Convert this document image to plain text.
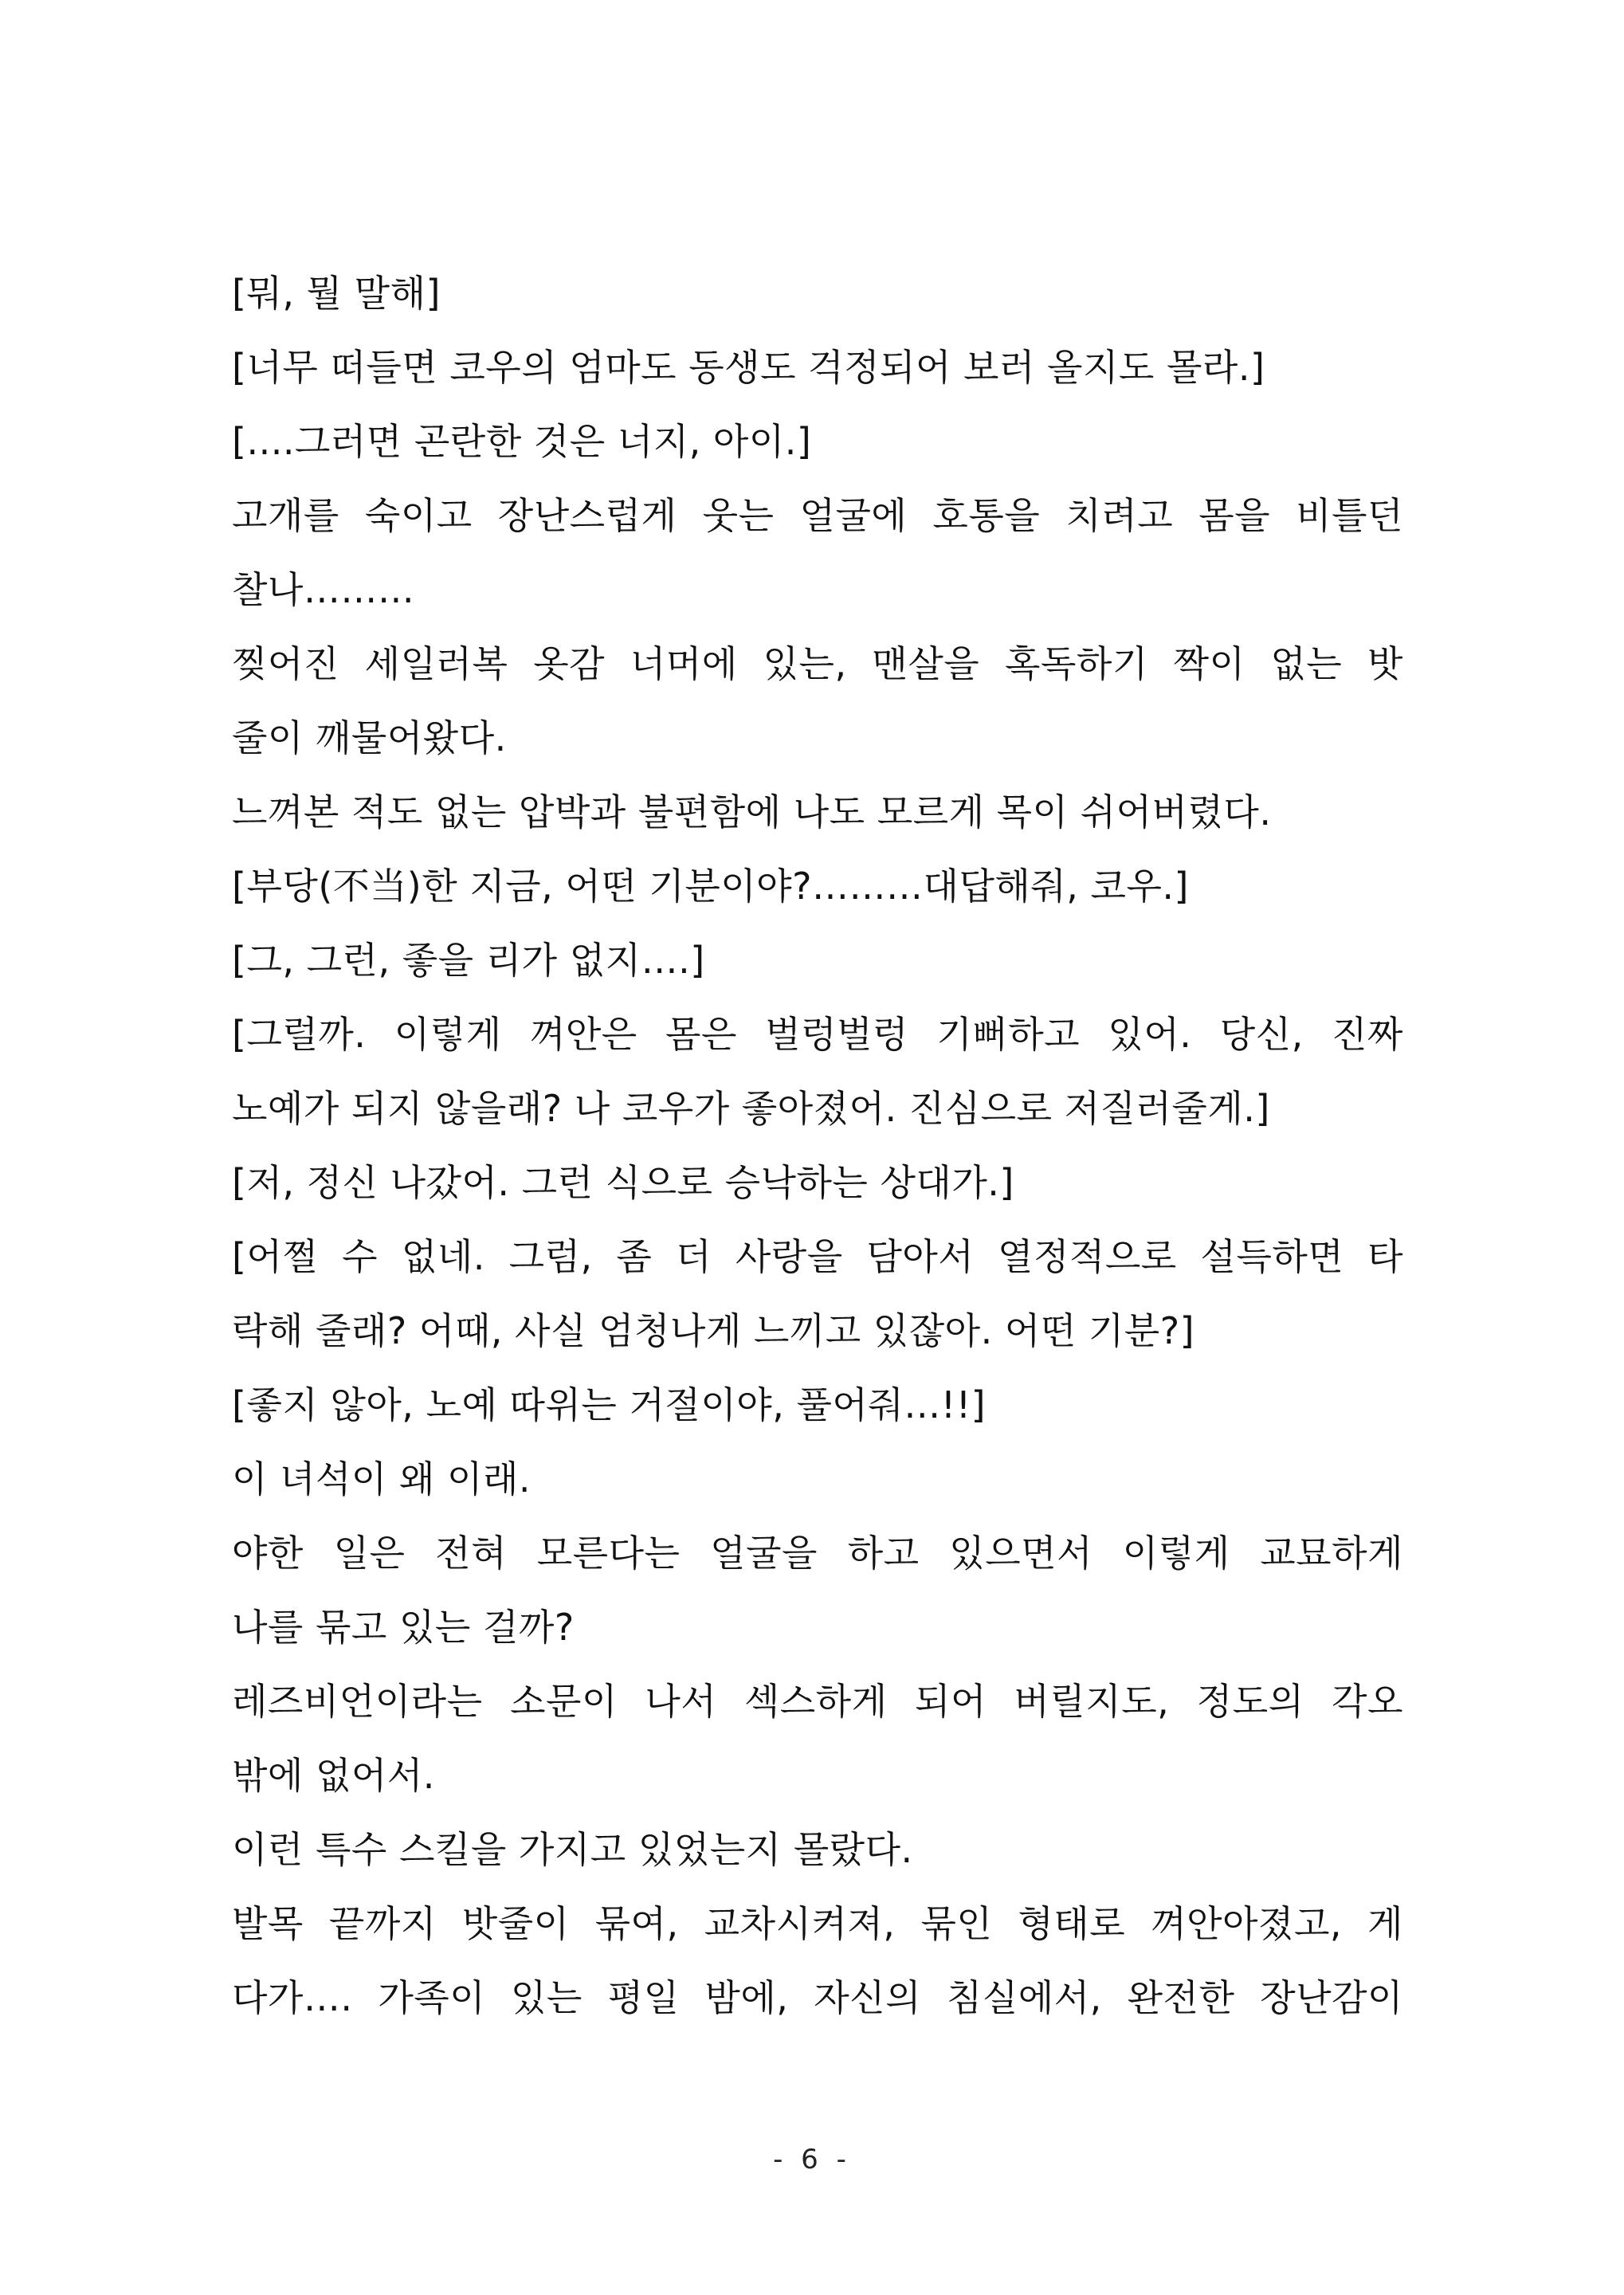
[뭐, 뭘 말해]

[너무 떠들면 코우의 엄마도 동생도 걱정되어 보러 올지도 몰라.]

[....그러면 곤란한 것은 너지, 아이.]

고개를 숙이고 장난스럽게 웃는 얼굴에 호통을 치려고 몸을 비틀던

찰나………

찢어진 세일러복 옷감 너머에 있는, 맨살을 혹독하기 짝이 없는 밧

줄이 깨물어왔다.

느껴본 적도 없는 압박과 불편함에 나도 모르게 목이 쉬어버렸다.

[부당(不当)한 지금, 어떤 기분이야?………대답해줘, 코우.]

[그, 그런, 좋을 리가 없지….]

[그럴까. 이렇게 껴안은 몸은 벌렁벌렁 기뻐하고 있어. 당신, 진짜

노예가 되지 않을래? 나 코우가 좋아졌어. 진심으로 저질러줄게.]

[저, 정신 나갔어. 그런 식으로 승낙하는 상대가.]

[어쩔 수 없네. 그럼, 좀 더 사랑을 담아서 열정적으로 설득하면 타

락해 줄래? 어때, 사실 엄청나게 느끼고 있잖아. 어떤 기분?]

[좋지 않아, 노예 따위는 거절이야, 풀어줘…!!]

이 녀석이 왜 이래.

야한 일은 전혀 모른다는 얼굴을 하고 있으면서 이렇게 교묘하게

나를 묶고 있는 걸까?

레즈비언이라는 소문이 나서 섹스하게 되어 버릴지도, 정도의 각오

밖에 없어서.

이런 특수 스킬을 가지고 있었는지 몰랐다.

발목 끝까지 밧줄이 묶여, 교차시켜져, 묶인 형태로 껴안아졌고, 게

다가…. 가족이 있는 평일 밤에, 자신의 침실에서, 완전한 장난감이

- 6 -
